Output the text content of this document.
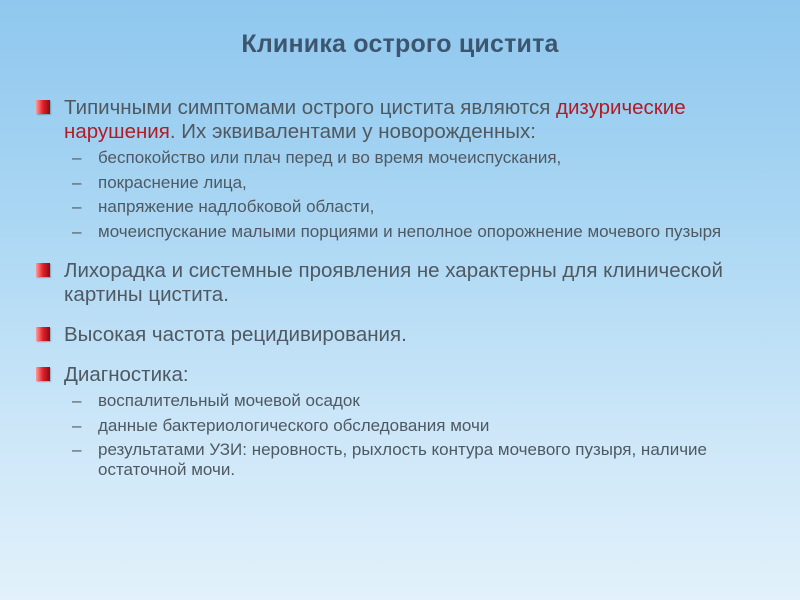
Клиника острого цистита
Типичными симптомами острого цистита являются дизурические нарушения. Их эквивалентами у новорожденных:
– беспокойство или плач перед и во время мочеиспускания,
– покраснение лица,
– напряжение надлобковой области,
– мочеиспускание малыми порциями и неполное опорожнение мочевого пузыря
Лихорадка и системные проявления не характерны для клинической картины цистита.
Высокая частота рецидивирования.
Диагностика:
– воспалительный мочевой осадок
– данные бактериологического обследования мочи
– результатами УЗИ: неровность, рыхлость контура мочевого пузыря, наличие остаточной мочи.
